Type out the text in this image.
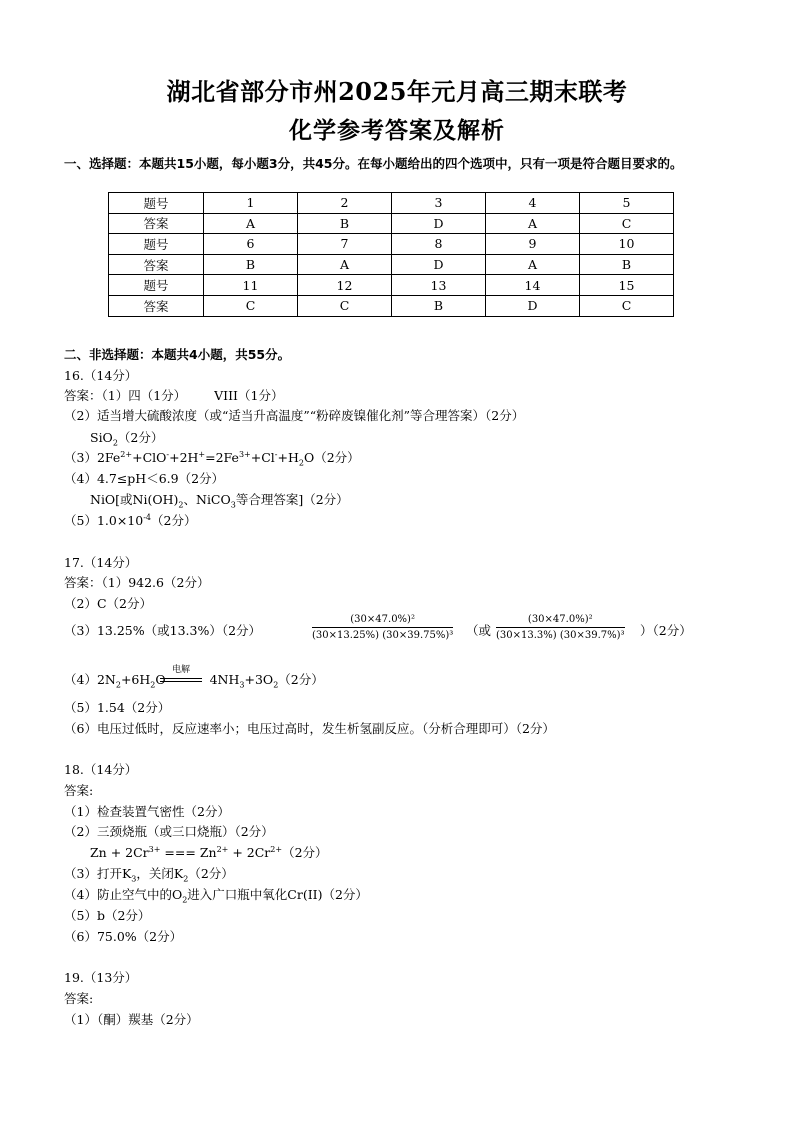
湖北省部分市州2025年元月高三期末联考
化学参考答案及解析
一、选择题：本题共15小题，每小题3分，共45分。在每小题给出的四个选项中，只有一项是符合题目要求的。
题号	1	2	3	4	5
答案	A	B	D	A	C
题号	6	7	8	9	10
答案	B	A	D	A	B
题号	11	12	13	14	15
答案	C	C	B	D	C
二、非选择题：本题共4小题，共55分。
16.（14分）
答案：（1）四（1分） VIII（1分）
（2）适当增大硫酸浓度（或“适当升高温度”“粉碎废镍催化剂”等合理答案）（2分）
SiO$_2$（2分）
$(3)2Fe^{2+}+ClO^-+2H^+=2Fe^{3+}+Cl^-+H_2O(2$分）
（4）4.7≤pH＜6.9（2分）
NiO[或$Ni(OH)_2$、NiCO$_3$等合理答案]（2分）
$(5)1.0\times 10^{-4}(2$分）
17.（14分）
答案：（1）942.6（2分）
（2）C（2分）
（3）13.25%（或13.3%）（2分）	$\frac{\text{(30×47.0\%)²}}{\text{(30×13.25\%) (30×39.75\%)³}}$ （或 $\frac{\text{(30×47.0\%)²}}{\text{(30×13.3\%) (30×39.7\%)³}} )(2$分）
$(4)2N_2+6H_2O$	$4NH_3+3O_2(2$分）
电解
（5）1.54（2分）
（6）电压过低时，反应速率小；电压过高时，发生析氢副反应。（分析合理即可）（2分）
18.（14分）
答案:
（1）检查装置气密性（2分）
（2）三颈烧瓶（或三口烧瓶）（2分）
$Zn + 2Cr^{3+}$ === $Zn^{2+} + 2Cr^{2+}(2$分）
（3）打开$K_3$，关闭$K_2(2$分）
（4）防止空气中的$O_2$进入广口瓶中氧化Cr(II)（2分）
（5）b（2分）
（6）75.0%（2分）
19.（13分）
答案:
（1）（酮）羰基（2分）
